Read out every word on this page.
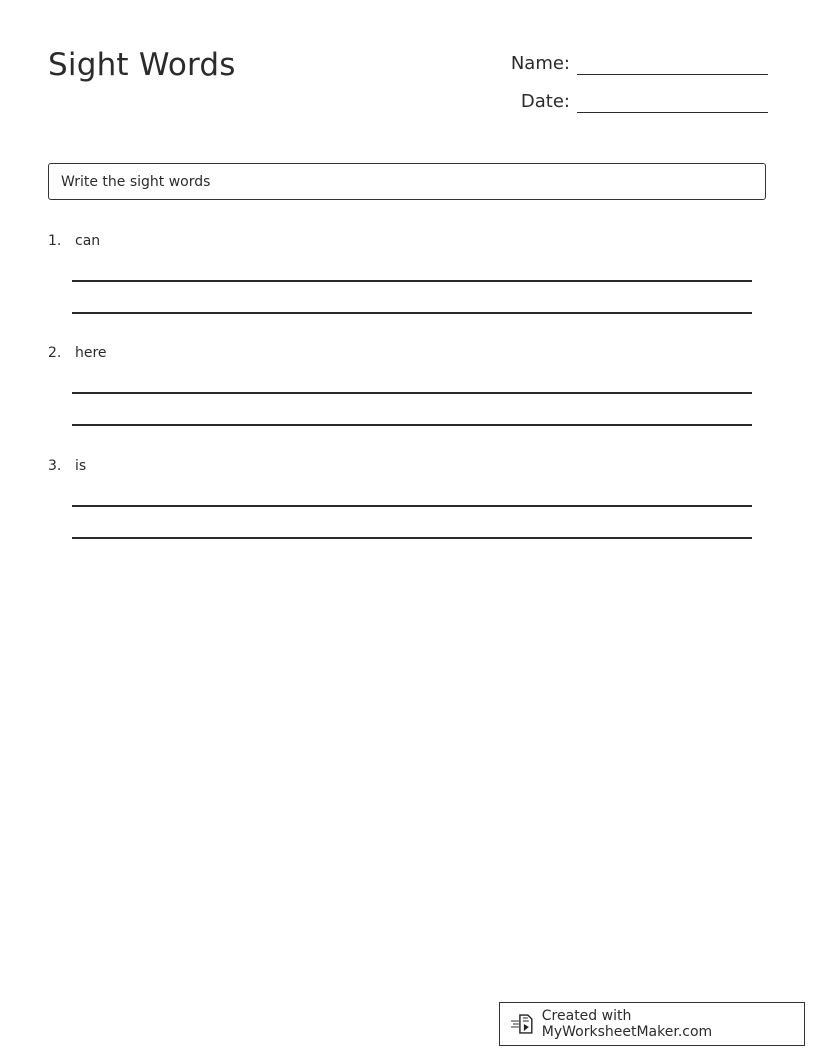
Sight Words	Name:
Date:
Write the sight words
1. can
2. here
3. is
Created with MyWorksheetMaker.com
